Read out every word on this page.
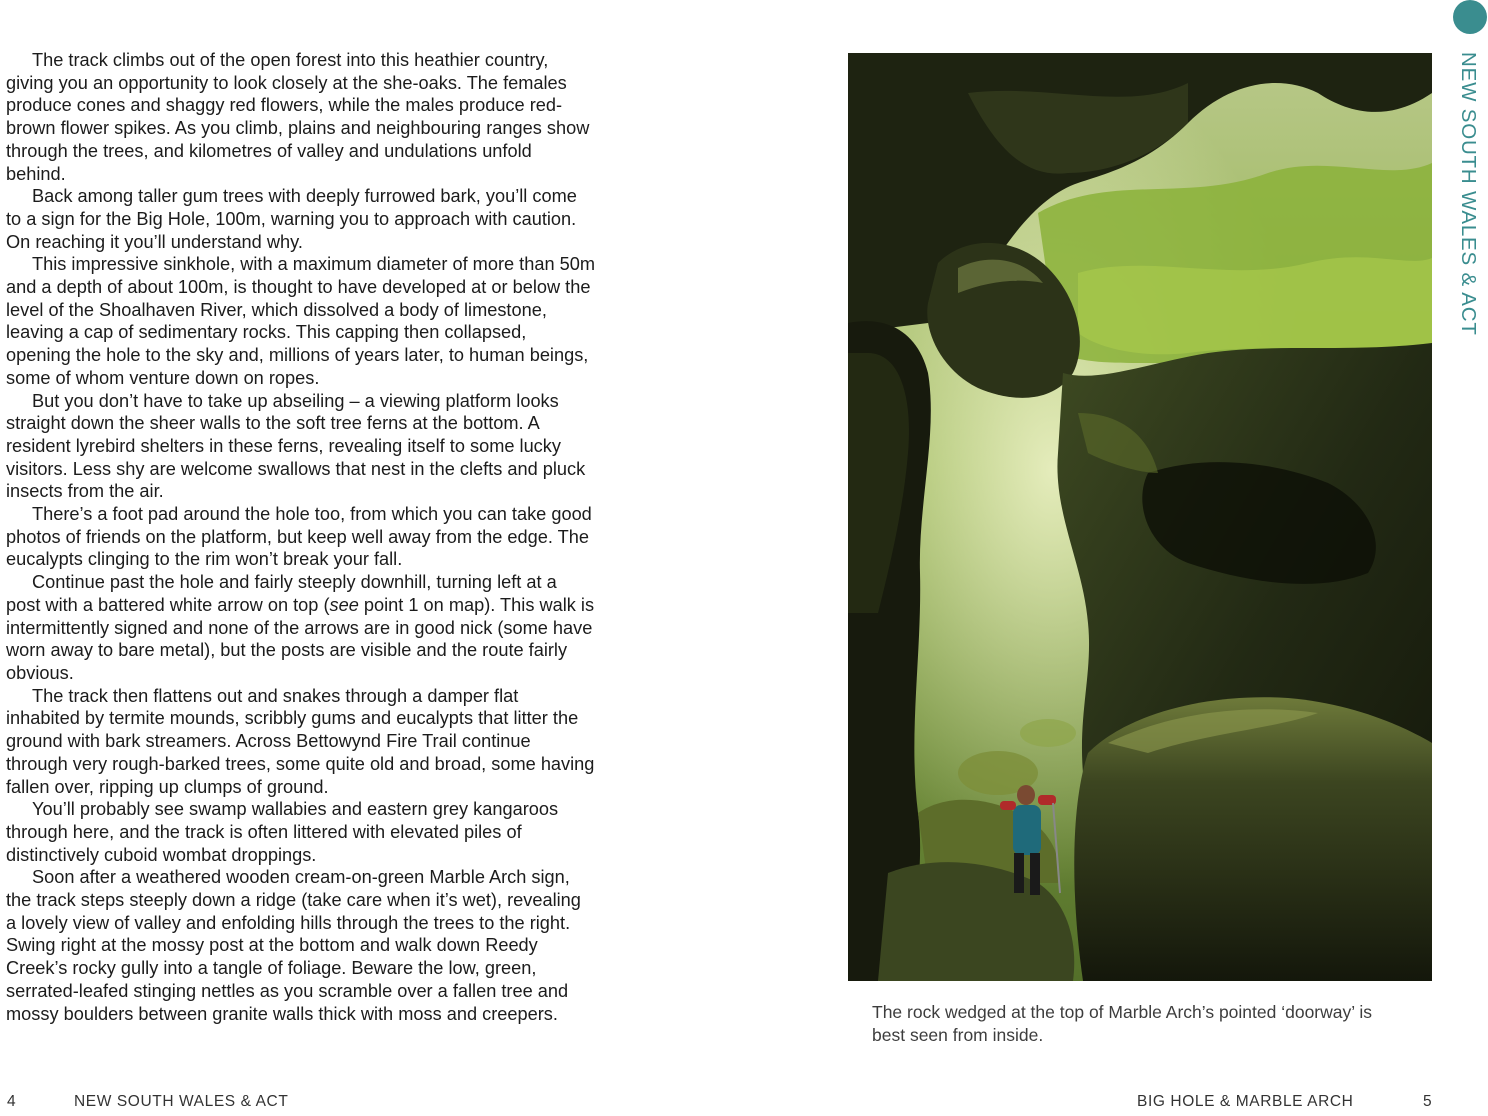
The track climbs out of the open forest into this heathier country, giving you an opportunity to look closely at the she-oaks. The females produce cones and shaggy red flowers, while the males produce red-brown flower spikes. As you climb, plains and neighbouring ranges show through the trees, and kilometres of valley and undulations unfold behind.

Back among taller gum trees with deeply furrowed bark, you’ll come to a sign for the Big Hole, 100m, warning you to approach with caution. On reaching it you’ll understand why.

This impressive sinkhole, with a maximum diameter of more than 50m and a depth of about 100m, is thought to have developed at or below the level of the Shoalhaven River, which dissolved a body of limestone, leaving a cap of sedimentary rocks. This capping then collapsed, opening the hole to the sky and, millions of years later, to human beings, some of whom venture down on ropes.

But you don’t have to take up abseiling – a viewing platform looks straight down the sheer walls to the soft tree ferns at the bottom. A resident lyrebird shelters in these ferns, revealing itself to some lucky visitors. Less shy are welcome swallows that nest in the clefts and pluck insects from the air.

There’s a foot pad around the hole too, from which you can take good photos of friends on the platform, but keep well away from the edge. The eucalypts clinging to the rim won’t break your fall.

Continue past the hole and fairly steeply downhill, turning left at a post with a battered white arrow on top (see point 1 on map). This walk is intermittently signed and none of the arrows are in good nick (some have worn away to bare metal), but the posts are visible and the route fairly obvious.

The track then flattens out and snakes through a damper flat inhabited by termite mounds, scribbly gums and eucalypts that litter the ground with bark streamers. Across Bettowynd Fire Trail continue through very rough-barked trees, some quite old and broad, some having fallen over, ripping up clumps of ground.

You’ll probably see swamp wallabies and eastern grey kangaroos through here, and the track is often littered with elevated piles of distinctively cuboid wombat droppings.

Soon after a weathered wooden cream-on-green Marble Arch sign, the track steps steeply down a ridge (take care when it’s wet), revealing a lovely view of valley and enfolding hills through the trees to the right. Swing right at the mossy post at the bottom and walk down Reedy Creek’s rocky gully into a tangle of foliage. Beware the low, green, serrated-leafed stinging nettles as you scramble over a fallen tree and mossy boulders between granite walls thick with moss and creepers.	The rock wedged at the top of Marble Arch’s pointed ‘doorway’ is best seen from inside.
4	NEW SOUTH WALES & ACT	BIG HOLE & MARBLE ARCH	5
NEW SOUTH WALES & ACT
